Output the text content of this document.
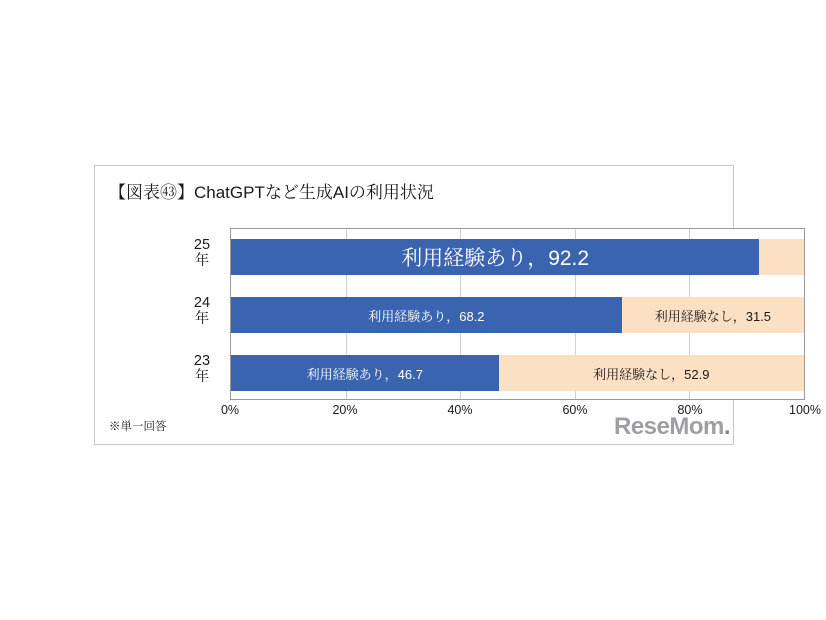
【図表㊸】ChatGPTなど生成AIの利用状況
25
年	利用経験あり，92.2
24
年	利用経験あり，68.2	利用経験なし，31.5
23
年	利用経験あり，46.7	利用経験なし，52.9
0%	20%	40%	60%	80%	100%
※単一回答	ReseMom.
